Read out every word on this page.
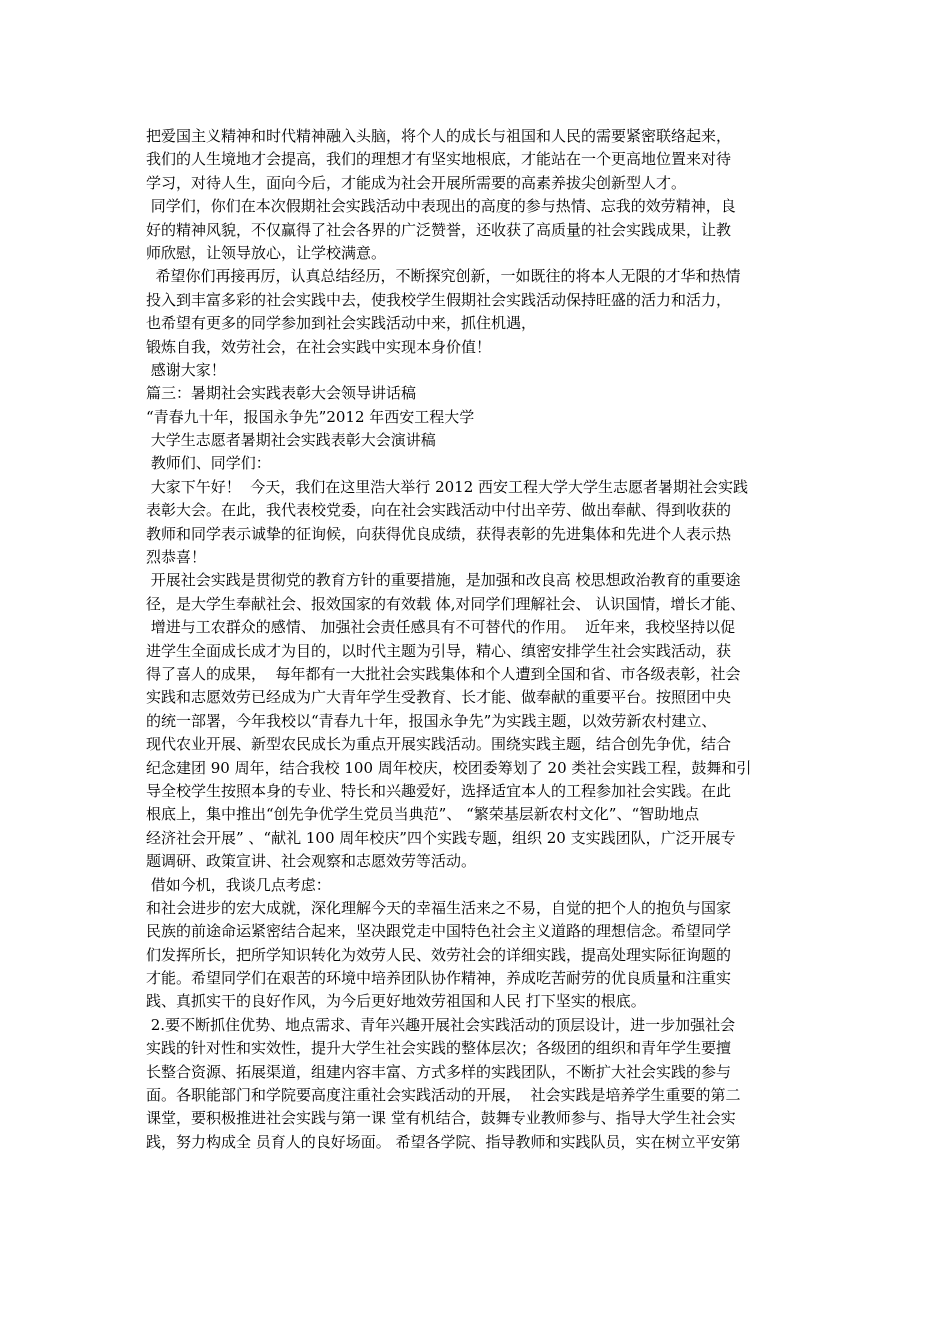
把爱国主义精神和时代精神融入头脑，将个人的成长与祖国和人民的需要紧密联络起来，
我们的人生境地才会提高，我们的理想才有坚实地根底，才能站在一个更高地位置来对待
学习，对待人生，面向今后，才能成为社会开展所需要的高素养拔尖创新型人才。
同学们，你们在本次假期社会实践活动中表现出的高度的参与热情、忘我的效劳精神，良
好的精神风貌，不仅赢得了社会各界的广泛赞誉，还收获了高质量的社会实践成果，让教
师欣慰，让领导放心，让学校满意。
希望你们再接再厉，认真总结经历，不断探究创新，一如既往的将本人无限的才华和热情
投入到丰富多彩的社会实践中去，使我校学生假期社会实践活动保持旺盛的活力和活力，
也希望有更多的同学参加到社会实践活动中来，抓住机遇，
锻炼自我，效劳社会，在社会实践中实现本身价值！
感谢大家！
篇三：暑期社会实践表彰大会领导讲话稿
“青春九十年，报国永争先”2012 年西安工程大学
大学生志愿者暑期社会实践表彰大会演讲稿
教师们、同学们：
大家下午好！  今天，我们在这里浩大举行 2012 西安工程大学大学生志愿者暑期社会实践
表彰大会。在此，我代表校党委，向在社会实践活动中付出辛劳、做出奉献、得到收获的
教师和同学表示诚挚的征询候，向获得优良成绩，获得表彰的先进集体和先进个人表示热
烈恭喜！
开展社会实践是贯彻党的教育方针的重要措施，是加强和改良高 校思想政治教育的重要途
径，是大学生奉献社会、报效国家的有效载 体,对同学们理解社会、 认识国情，增长才能、
增进与工农群众的感情、 加强社会责任感具有不可替代的作用。  近年来，我校坚持以促
进学生全面成长成才为目的，以时代主题为引导，精心、缜密安排学生社会实践活动，获
得了喜人的成果，  每年都有一大批社会实践集体和个人遭到全国和省、市各级表彰，社会
实践和志愿效劳已经成为广大青年学生受教育、长才能、做奉献的重要平台。按照团中央
的统一部署，今年我校以“青春九十年，报国永争先”为实践主题，以效劳新农村建立、
现代农业开展、新型农民成长为重点开展实践活动。围绕实践主题，结合创先争优，结合
纪念建团 90 周年，结合我校 100 周年校庆，校团委筹划了 20 类社会实践工程，鼓舞和引
导全校学生按照本身的专业、特长和兴趣爱好，选择适宜本人的工程参加社会实践。在此
根底上，集中推出“创先争优学生党员当典范”、 “繁荣基层新农村文化”、“智助地点
经济社会开展” 、“献礼 100 周年校庆”四个实践专题，组织 20 支实践团队，广泛开展专
题调研、政策宣讲、社会观察和志愿效劳等活动。
借如今机，我谈几点考虑：
和社会进步的宏大成就，深化理解今天的幸福生活来之不易，自觉的把个人的抱负与国家
民族的前途命运紧密结合起来，坚决跟党走中国特色社会主义道路的理想信念。希望同学
们发挥所长，把所学知识转化为效劳人民、效劳社会的详细实践，提高处理实际征询题的
才能。希望同学们在艰苦的环境中培养团队协作精神，养成吃苦耐劳的优良质量和注重实
践、真抓实干的良好作风，为今后更好地效劳祖国和人民 打下坚实的根底。
2.要不断抓住优势、地点需求、青年兴趣开展社会实践活动的顶层设计，进一步加强社会
实践的针对性和实效性，提升大学生社会实践的整体层次；各级团的组织和青年学生要擅
长整合资源、拓展渠道，组建内容丰富、方式多样的实践团队，不断扩大社会实践的参与
面。各职能部门和学院要高度注重社会实践活动的开展，  社会实践是培养学生重要的第二
课堂，要积极推进社会实践与第一课 堂有机结合，鼓舞专业教师参与、指导大学生社会实
践，努力构成全 员育人的良好场面。 希望各学院、指导教师和实践队员，实在树立平安第
